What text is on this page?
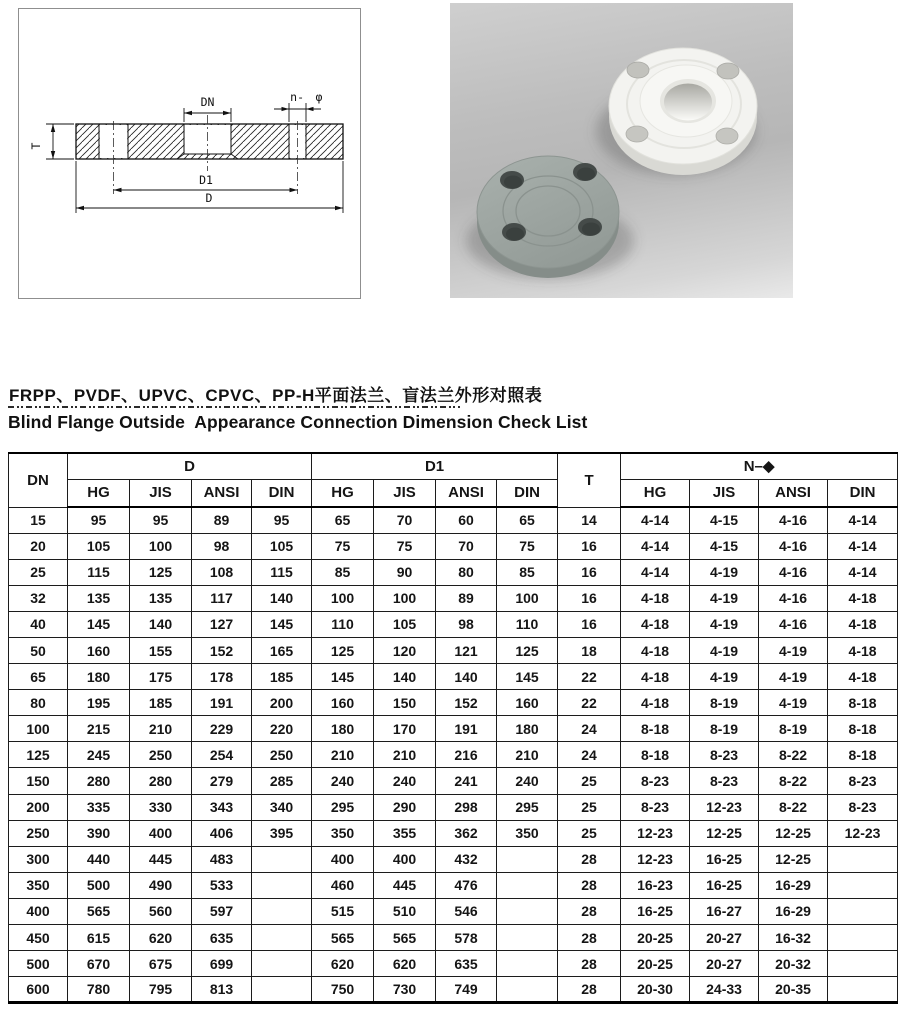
T
DN	n- φ
D1
D
FRPP、PVDF、UPVC、CPVC、PP-H平面法兰、盲法兰外形对照表
Blind Flange Outside  Appearance Connection Dimension Check List
DN	D				D1				T	N–◆			
	HG	JIS	ANSI	DIN	HG	JIS	ANSI	DIN		HG	JIS	ANSI	DIN
15	95	95	89	95	65	70	60	65	14	4-14	4-15	4-16	4-14
20	105	100	98	105	75	75	70	75	16	4-14	4-15	4-16	4-14
25	115	125	108	115	85	90	80	85	16	4-14	4-19	4-16	4-14
32	135	135	117	140	100	100	89	100	16	4-18	4-19	4-16	4-18
40	145	140	127	145	110	105	98	110	16	4-18	4-19	4-16	4-18
50	160	155	152	165	125	120	121	125	18	4-18	4-19	4-19	4-18
65	180	175	178	185	145	140	140	145	22	4-18	4-19	4-19	4-18
80	195	185	191	200	160	150	152	160	22	4-18	8-19	4-19	8-18
100	215	210	229	220	180	170	191	180	24	8-18	8-19	8-19	8-18
125	245	250	254	250	210	210	216	210	24	8-18	8-23	8-22	8-18
150	280	280	279	285	240	240	241	240	25	8-23	8-23	8-22	8-23
200	335	330	343	340	295	290	298	295	25	8-23	12-23	8-22	8-23
250	390	400	406	395	350	355	362	350	25	12-23	12-25	12-25	12-23
300	440	445	483		400	400	432		28	12-23	16-25	12-25	
350	500	490	533		460	445	476		28	16-23	16-25	16-29	
400	565	560	597		515	510	546		28	16-25	16-27	16-29	
450	615	620	635		565	565	578		28	20-25	20-27	16-32	
500	670	675	699		620	620	635		28	20-25	20-27	20-32	
600	780	795	813		750	730	749		28	20-30	24-33	20-35	
